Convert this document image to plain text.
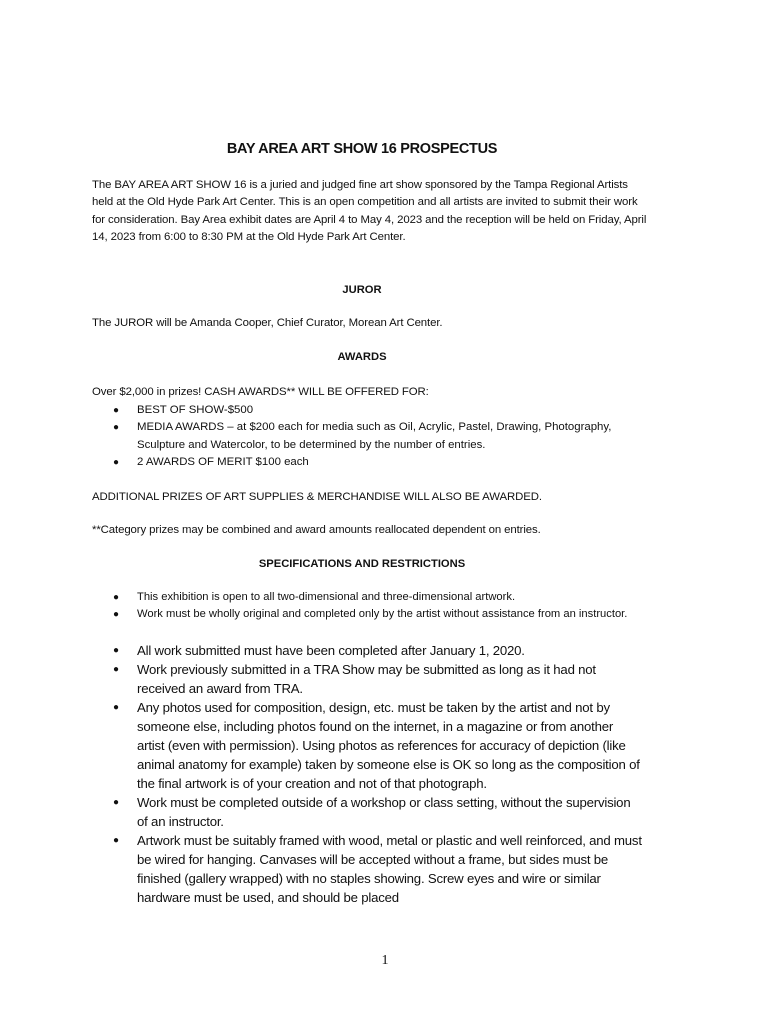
BAY AREA ART SHOW 16 PROSPECTUS
The BAY AREA ART SHOW 16 is a juried and judged fine art show sponsored by the Tampa Regional Artists held at the Old Hyde Park Art Center. This is an open competition and all artists are invited to submit their work for consideration. Bay Area exhibit dates are April 4 to May 4, 2023 and the reception will be held on Friday, April 14, 2023 from 6:00 to 8:30 PM at the Old Hyde Park Art Center.
JUROR
The JUROR will be Amanda Cooper, Chief Curator, Morean Art Center.
AWARDS
Over $2,000 in prizes! CASH AWARDS** WILL BE OFFERED FOR:
● BEST OF SHOW-$500
● MEDIA AWARDS – at $200 each for media such as Oil, Acrylic, Pastel, Drawing, Photography, Sculpture and Watercolor, to be determined by the number of entries.
● 2 AWARDS OF MERIT $100 each
ADDITIONAL PRIZES OF ART SUPPLIES & MERCHANDISE WILL ALSO BE AWARDED.
**Category prizes may be combined and award amounts reallocated dependent on entries.
SPECIFICATIONS AND RESTRICTIONS
● This exhibition is open to all two-dimensional and three-dimensional artwork.
● Work must be wholly original and completed only by the artist without assistance from an instructor.
● All work submitted must have been completed after January 1, 2020.
● Work previously submitted in a TRA Show may be submitted as long as it had not received an award from TRA.
● Any photos used for composition, design, etc. must be taken by the artist and not by someone else, including photos found on the internet, in a magazine or from another artist (even with permission). Using photos as references for accuracy of depiction (like animal anatomy for example) taken by someone else is OK so long as the composition of the final artwork is of your creation and not of that photograph.
● Work must be completed outside of a workshop or class setting, without the supervision of an instructor.
● Artwork must be suitably framed with wood, metal or plastic and well reinforced, and must be wired for hanging. Canvases will be accepted without a frame, but sides must be finished (gallery wrapped) with no staples showing. Screw eyes and wire or similar hardware must be used, and should be placed
1
